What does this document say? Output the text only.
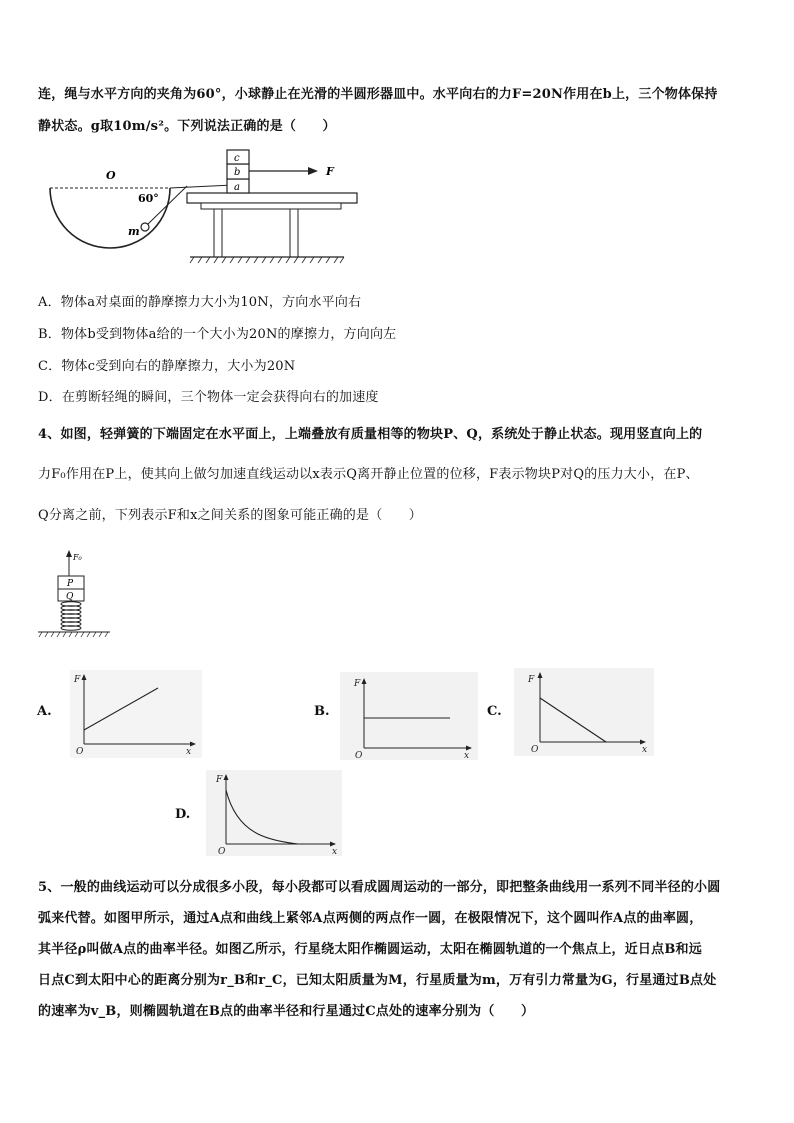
连，绳与水平方向的夹角为60°，小球静止在光滑的半圆形器皿中。水平向右的力F=20N作用在b上，三个物体保持
静状态。g取10m/s²。下列说法正确的是（　　）
O
60°
m
a
b
c
F
A．物体a对桌面的静摩擦力大小为10N，方向水平向右
B．物体b受到物体a给的一个大小为20N的摩擦力，方向向左
C．物体c受到向右的静摩擦力，大小为20N
D．在剪断轻绳的瞬间，三个物体一定会获得向右的加速度
4、如图，轻弹簧的下端固定在水平面上，上端叠放有质量相等的物块P、Q，系统处于静止状态。现用竖直向上的
力F₀作用在P上，使其向上做匀加速直线运动以x表示Q离开静止位置的位移，F表示物块P对Q的压力大小，在P、
Q分离之前，下列表示F和x之间关系的图象可能正确的是（　　）
F₀
P
Q
A.
F
x
O
B.
F
x
O
C.
F
x
O
D.
F
x
O
5、一般的曲线运动可以分成很多小段，每小段都可以看成圆周运动的一部分，即把整条曲线用一系列不同半径的小圆
弧来代替。如图甲所示，通过A点和曲线上紧邻A点两侧的两点作一圆，在极限情况下，这个圆叫作A点的曲率圆，
其半径ρ叫做A点的曲率半径。如图乙所示，行星绕太阳作椭圆运动，太阳在椭圆轨道的一个焦点上，近日点B和远
日点C到太阳中心的距离分别为r_B和r_C，已知太阳质量为M，行星质量为m，万有引力常量为G，行星通过B点处
的速率为v_B，则椭圆轨道在B点的曲率半径和行星通过C点处的速率分别为（　　）
